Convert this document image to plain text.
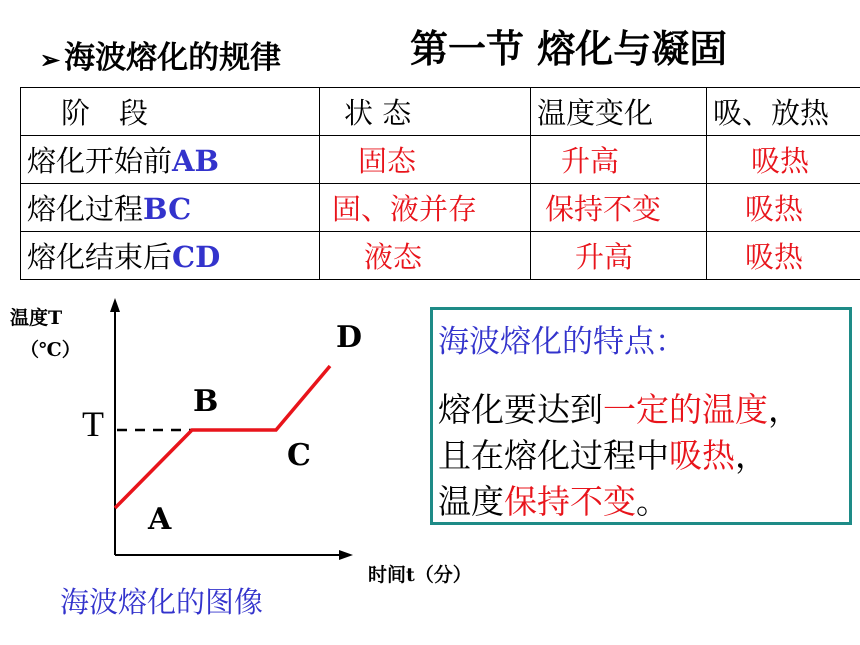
➢ 海波熔化的规律	第一节 熔化与凝固
阶　段	状 态	温度变化	吸、放热
熔化开始前AB	固态	升高	吸热
熔化过程BC	固、液并存	保持不变	吸热
熔化结束后CD	液态	升高	吸热
温度T
（℃）
时间t（分）
T
A
B
C
D
海波熔化的图像
海波熔化的特点：
熔化要达到一定的温度，
且在熔化过程中吸热，
温度保持不变。
